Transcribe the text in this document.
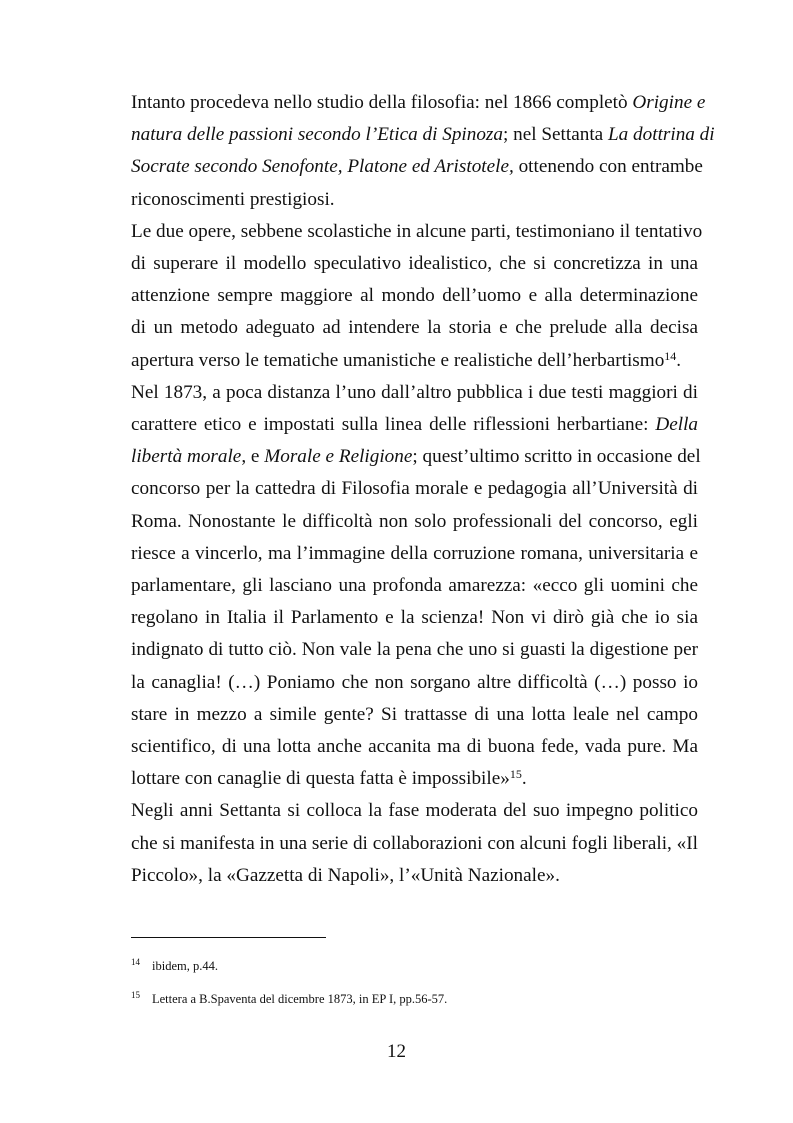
Intanto procedeva nello studio della filosofia: nel 1866 completò Origine e
natura delle passioni secondo l’Etica di Spinoza; nel Settanta La dottrina di
Socrate secondo Senofonte, Platone ed Aristotele, ottenendo con entrambe
riconoscimenti prestigiosi.
Le due opere, sebbene scolastiche in alcune parti, testimoniano il tentativo
di superare il modello speculativo idealistico, che si concretizza in una
attenzione sempre maggiore al mondo dell’uomo e alla determinazione
di un metodo adeguato ad intendere la storia e che prelude alla decisa
apertura verso le tematiche umanistiche e realistiche dell’herbartismo$^{14}$.
Nel 1873, a poca distanza l’uno dall’altro pubblica i due testi maggiori di
carattere etico e impostati sulla linea delle riflessioni herbartiane: Della
libertà morale, e Morale e Religione; quest’ultimo scritto in occasione del
concorso per la cattedra di Filosofia morale e pedagogia all’Università di
Roma. Nonostante le difficoltà non solo professionali del concorso, egli
riesce a vincerlo, ma l’immagine della corruzione romana, universitaria e
parlamentare, gli lasciano una profonda amarezza: «ecco gli uomini che
regolano in Italia il Parlamento e la scienza! Non vi dirò già che io sia
indignato di tutto ciò. Non vale la pena che uno si guasti la digestione per
la canaglia! (…) Poniamo che non sorgano altre difficoltà (…) posso io
stare in mezzo a simile gente? Si trattasse di una lotta leale nel campo
scientifico, di una lotta anche accanita ma di buona fede, vada pure. Ma
lottare con canaglie di questa fatta è impossibile»$^{15}$.
Negli anni Settanta si colloca la fase moderata del suo impegno politico
che si manifesta in una serie di collaborazioni con alcuni fogli liberali, «Il
Piccolo», la «Gazzetta di Napoli», l’«Unità Nazionale».
$^{14}$ ibidem, p.44.
$^{15}$ Lettera a B.Spaventa del dicembre 1873, in EP I, pp.56-57.
12
